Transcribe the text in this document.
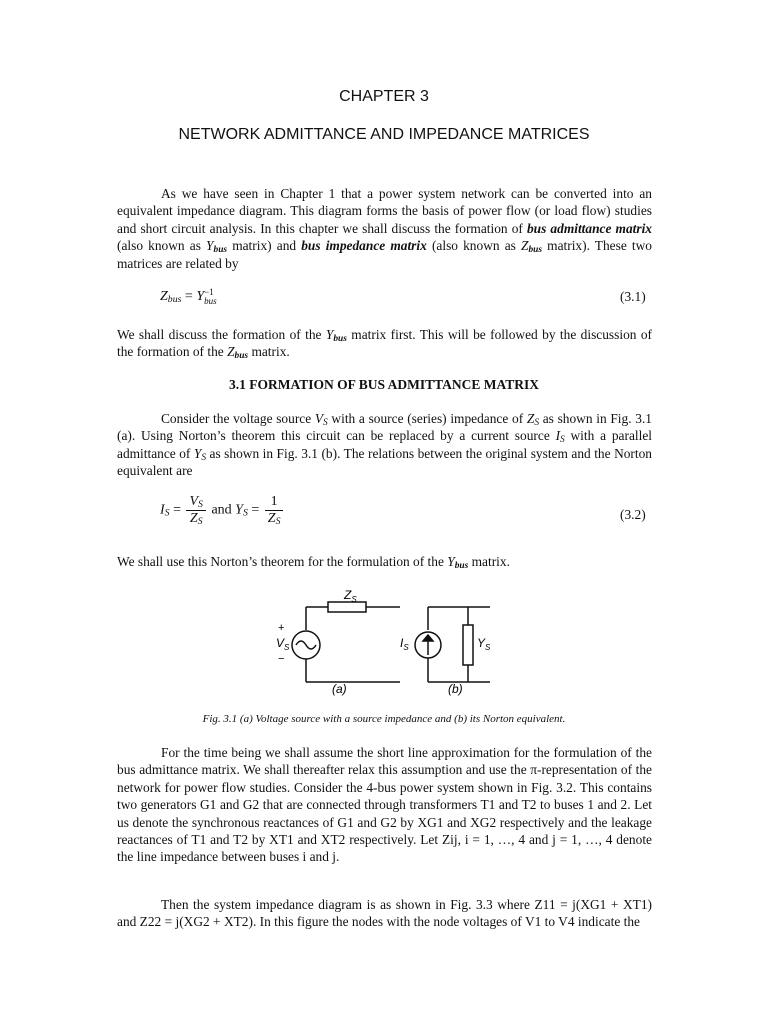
CHAPTER 3
NETWORK ADMITTANCE AND IMPEDANCE MATRICES

As we have seen in Chapter 1 that a power system network can be converted into an equivalent impedance diagram. This diagram forms the basis of power flow (or load flow) studies and short circuit analysis. In this chapter we shall discuss the formation of bus admittance matrix (also known as $Y_{bus}$ matrix) and bus impedance matrix (also known as $Z_{bus}$ matrix). These two matrices are related by

$Z_{bus} = Y -1$
bus	(3.1)

We shall discuss the formation of the $Y_{bus}$ matrix first. This will be followed by the discussion of the formation of the $Z_{bus}$ matrix.

3.1 FORMATION OF BUS ADMITTANCE MATRIX

Consider the voltage source $V_S$ with a source (series) impedance of $Z_S$ as shown in Fig. 3.1 (a). Using Norton’s theorem this circuit can be replaced by a current source $I_S$ with a parallel admittance of $Y_S$ as shown in Fig. 3.1 (b). The relations between the original system and the Norton equivalent are

$I_S = \frac{V_S}{Z_S}$ and $Y_S = \frac{1}{Z_S}$	(3.2)

We shall use this Norton’s theorem for the formulation of the $Y_{bus}$ matrix.

$Z_S$
+
$V_S$
−
(a)
$I_S$	$Y_S$
(b)
Fig. 3.1 (a) Voltage source with a source impedance and (b) its Norton equivalent.

For the time being we shall assume the short line approximation for the formulation of the bus admittance matrix. We shall thereafter relax this assumption and use the π-representation of the network for power flow studies. Consider the 4-bus power system shown in Fig. 3.2. This contains two generators G1 and G2 that are connected through transformers T1 and T2 to buses 1 and 2. Let us denote the synchronous reactances of G1 and G2 by XG1 and XG2 respectively and the leakage reactances of T1 and T2 by XT1 and XT2 respectively. Let Zij, i = 1, …, 4 and j = 1, …, 4 denote the line impedance between buses i and j.

Then the system impedance diagram is as shown in Fig. 3.3 where Z11 = j(XG1 + XT1) and Z22 = j(XG2 + XT2). In this figure the nodes with the node voltages of V1 to V4 indicate the
